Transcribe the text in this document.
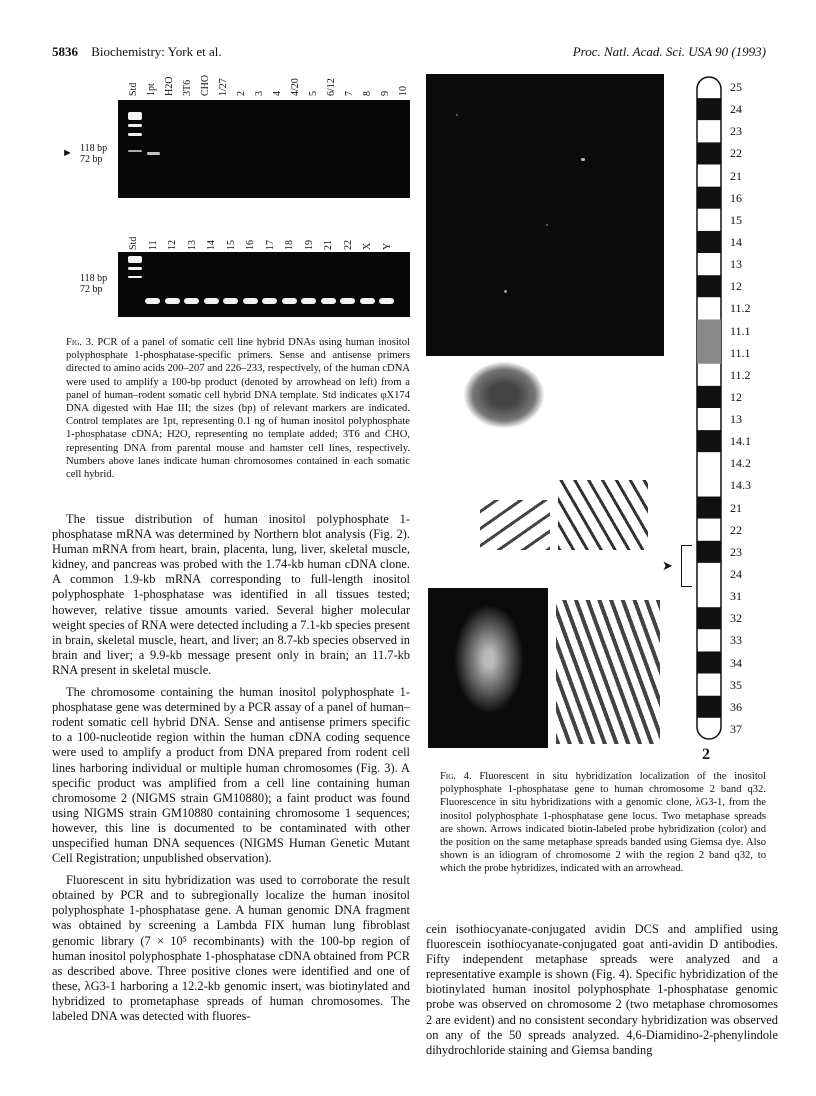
5836 Biochemistry: York et al.	Proc. Natl. Acad. Sci. USA 90 (1993)
Std 1pt H2O 3T6 CHO 1/27 2 3 4 4/20 5 6/12 7 8 9 10
► 118 bp
72 bp
Std 11 12 13 14 15 16 17 18 19 21 22 X Y
118 bp
72 bp
Fig. 3. PCR of a panel of somatic cell line hybrid DNAs using human inositol polyphosphate 1-phosphatase-specific primers. Sense and antisense primers directed to amino acids 200–207 and 226–233, respectively, of the human cDNA were used to amplify a 100-bp product (denoted by arrowhead on left) from a panel of human–rodent somatic cell hybrid DNA template. Std indicates φX174 DNA digested with Hae III; the sizes (bp) of relevant markers are indicated. Control templates are 1pt, representing 0.1 ng of human inositol polyphosphate 1-phosphatase cDNA; H2O, representing no template added; 3T6 and CHO, representing DNA from parental mouse and hamster cell lines, respectively. Numbers above lanes indicate human chromosomes contained in each somatic cell hybrid.

The tissue distribution of human inositol polyphosphate 1-phosphatase mRNA was determined by Northern blot analysis (Fig. 2). Human mRNA from heart, brain, placenta, lung, liver, skeletal muscle, kidney, and pancreas was probed with the 1.74-kb human cDNA clone. A common 1.9-kb mRNA corresponding to full-length inositol polyphosphate 1-phosphatase was identified in all tissues tested; however, relative tissue amounts varied. Several higher molecular weight species of RNA were detected including a 7.1-kb species present in brain, skeletal muscle, heart, and liver; an 8.7-kb species observed in brain and liver; a 9.9-kb message present only in brain; an 11.7-kb RNA present in skeletal muscle.

The chromosome containing the human inositol polyphosphate 1-phosphatase gene was determined by a PCR assay of a panel of human–rodent somatic cell hybrid DNA. Sense and antisense primers specific to a 100-nucleotide region within the human cDNA coding sequence were used to amplify a product from DNA prepared from rodent cell lines harboring individual or multiple human chromosomes (Fig. 3). A specific product was amplified from a cell line containing human chromosome 2 (NIGMS strain GM10880); a faint product was found using NIGMS strain GM10880 containing chromosome 1 sequences; however, this line is documented to be contaminated with other unspecified human DNA sequences (NIGMS Human Genetic Mutant Cell Registration; unpublished observation).

Fluorescent in situ hybridization was used to corroborate the result obtained by PCR and to subregionally localize the human inositol polyphosphate 1-phosphatase gene. A human genomic DNA fragment was obtained by screening a Lambda FIX human lung fibroblast genomic library (7 × 10⁵ recombinants) with the 100-bp region of human inositol polyphosphate 1-phosphatase cDNA obtained from PCR as described above. Three positive clones were identified and one of these, λG3-1 harboring a 12.2-kb genomic insert, was biotinylated and hybridized to prometaphase spreads of human chromosomes. The labeled DNA was detected with fluores-

25
24
23
22
21
16
15
14
13
12
11.2
11.1
11.1
11.2
12
13
14.1
14.2
14.3
21
22
23
24
31
32
33
34
35
36
37
➤
2
Fig. 4. Fluorescent in situ hybridization localization of the inositol polyphosphate 1-phosphatase gene to human chromosome 2 band q32. Fluorescence in situ hybridizations with a genomic clone, λG3-1, from the inositol polyphosphate 1-phosphatase gene locus. Two metaphase spreads are shown. Arrows indicated biotin-labeled probe hybridization (color) and the position on the same metaphase spreads banded using Giemsa dye. Also shown is an idiogram of chromosome 2 with the region 2 band q32, to which the probe hybridizes, indicated with an arrowhead.

cein isothiocyanate-conjugated avidin DCS and amplified using fluorescein isothiocyanate-conjugated goat anti-avidin D antibodies. Fifty independent metaphase spreads were analyzed and a representative example is shown (Fig. 4). Specific hybridization of the biotinylated human inositol polyphosphate 1-phosphatase genomic probe was observed on chromosome 2 (two metaphase chromosomes 2 are evident) and no consistent secondary hybridization was observed on any of the 50 spreads analyzed. 4,6-Diamidino-2-phenylindole dihydrochloride staining and Giemsa banding
